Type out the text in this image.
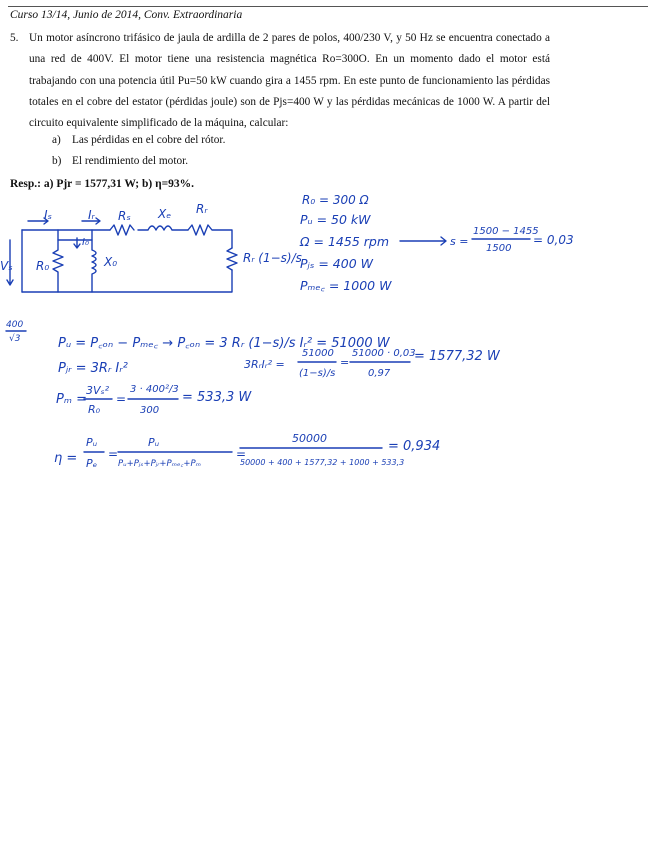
Curso 13/14, Junio de 2014, Conv. Extraordinaria
5. Un motor asíncrono trifásico de jaula de ardilla de 2 pares de polos, 400/230 V, y 50 Hz se encuentra conectado a una red de 400V. El motor tiene una resistencia magnética Ro=300O. En un momento dado el motor está trabajando con una potencia útil Pu=50 kW cuando gira a 1455 rpm. En este punto de funcionamiento las pérdidas totales en el cobre del estator (pérdidas joule) son de Pjs=400 W y las pérdidas mecánicas de 1000 W. A partir del circuito equivalente simplificado de la máquina, calcular:
a) Las pérdidas en el cobre del rótor.
b) El rendimiento del motor.
Resp.: a) Pjr = 1577,31 W; b) η=93%.
Iₛ	Iᵣ
I₀
Rₛ Xₑ Rᵣ
Vₛ R₀	X₀	Rᵣ (1−s)/s
R₀ = 300 Ω
Pᵤ = 50 kW
Ω = 1455 rpm
Pⱼₛ = 400 W
Pₘₑ꜀ = 1000 W
s =
1500 − 1455
1500
= 0,03
400
√3	Pᵤ = P꜀ₒₙ − Pₘₑ꜀ → P꜀ₒₙ = 3 Rᵣ (1−s)/s Iᵣ² = 51000 W
Pⱼᵣ = 3Rᵣ Iᵣ²	3RᵣIᵣ² =
51000
(1−s)/s
=
51000 · 0,03
0,97
= 1577,32 W
Pₘ =
3Vₛ²
R₀
=
3 · 400²/3
300
= 533,3 W
η =
Pᵤ
Pₑ
=
Pᵤ
Pᵤ+Pⱼₛ+Pⱼᵣ+Pₘₑ꜀+Pₘ
=
50000
50000 + 400 + 1577,32 + 1000 + 533,3
= 0,934
